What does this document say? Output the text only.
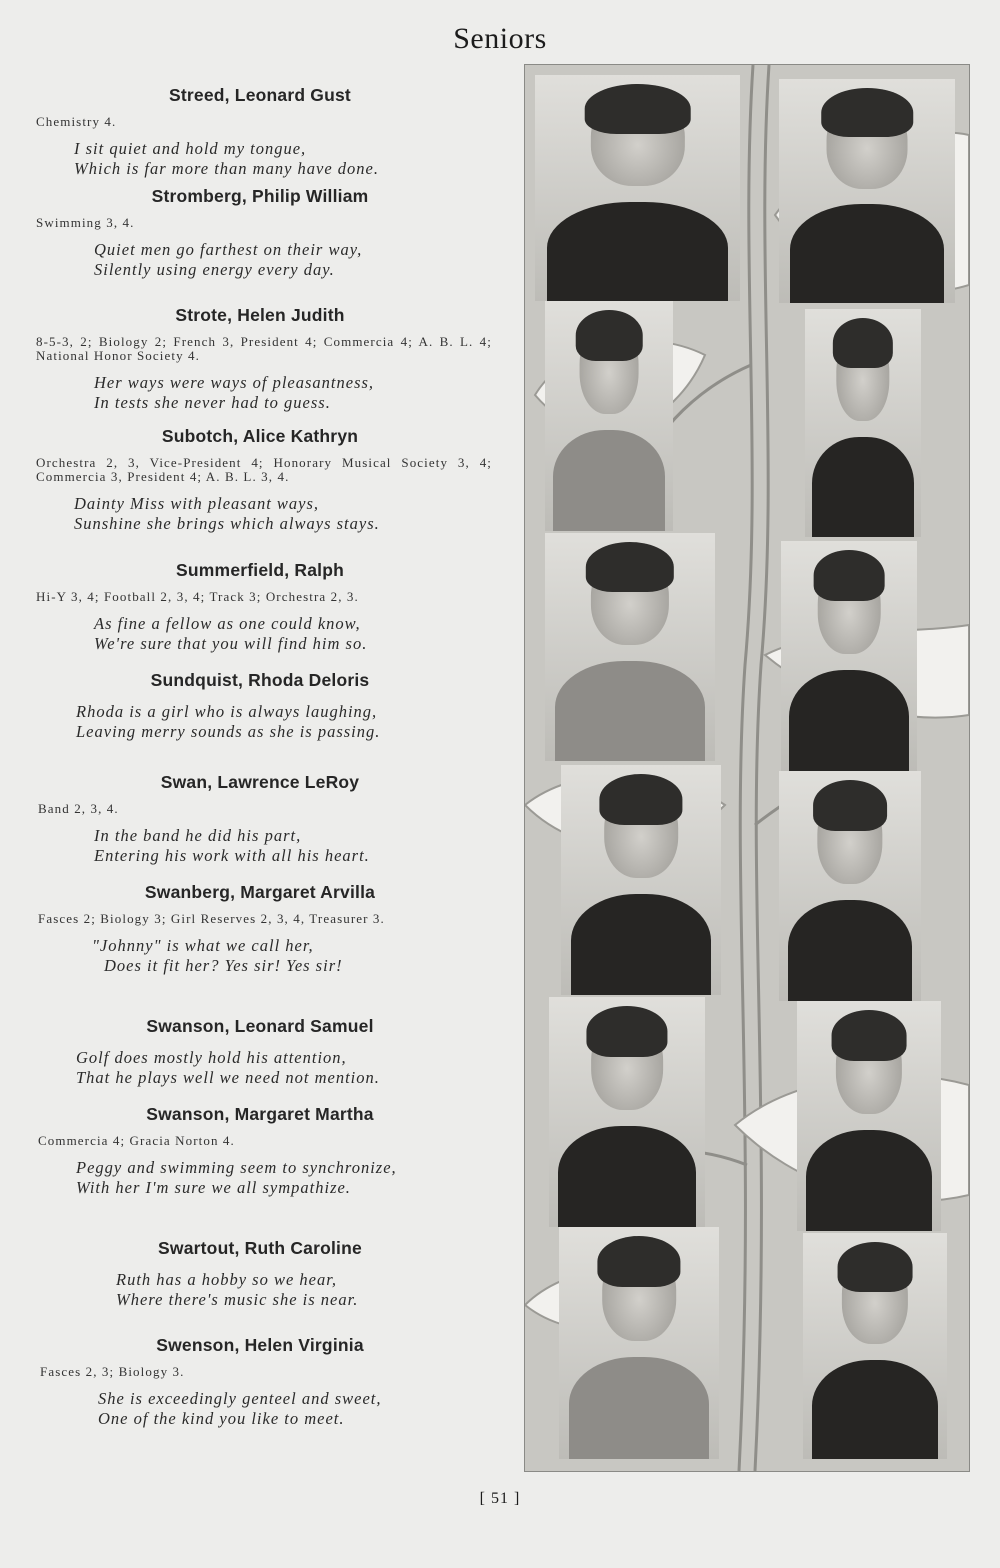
Seniors
Streed, Leonard Gust
Chemistry 4.
I sit quiet and hold my tongue,
Which is far more than many have done.
Stromberg, Philip William
Swimming 3, 4.
Quiet men go farthest on their way,
Silently using energy every day.
Strote, Helen Judith
8-5-3, 2; Biology 2; French 3, President 4; Commercia 4; A. B. L. 4; National Honor Society 4.
Her ways were ways of pleasantness,
In tests she never had to guess.
Subotch, Alice Kathryn
Orchestra 2, 3, Vice-President 4; Honorary Musical Society 3, 4; Commercia 3, President 4; A. B. L. 3, 4.
Dainty Miss with pleasant ways,
Sunshine she brings which always stays.
Summerfield, Ralph
Hi-Y 3, 4; Football 2, 3, 4; Track 3; Orchestra 2, 3.
As fine a fellow as one could know,
We're sure that you will find him so.
Sundquist, Rhoda Deloris
Rhoda is a girl who is always laughing,
Leaving merry sounds as she is passing.
Swan, Lawrence LeRoy
Band 2, 3, 4.
In the band he did his part,
Entering his work with all his heart.
Swanberg, Margaret Arvilla
Fasces 2; Biology 3; Girl Reserves 2, 3, 4, Treasurer 3.
"Johnny" is what we call her,
Does it fit her? Yes sir! Yes sir!
Swanson, Leonard Samuel
Golf does mostly hold his attention,
That he plays well we need not mention.
Swanson, Margaret Martha
Commercia 4; Gracia Norton 4.
Peggy and swimming seem to synchronize,
With her I'm sure we all sympathize.
Swartout, Ruth Caroline
Ruth has a hobby so we hear,
Where there's music she is near.
Swenson, Helen Virginia
Fasces 2, 3; Biology 3.
She is exceedingly genteel and sweet,
One of the kind you like to meet.
[ 51 ]
